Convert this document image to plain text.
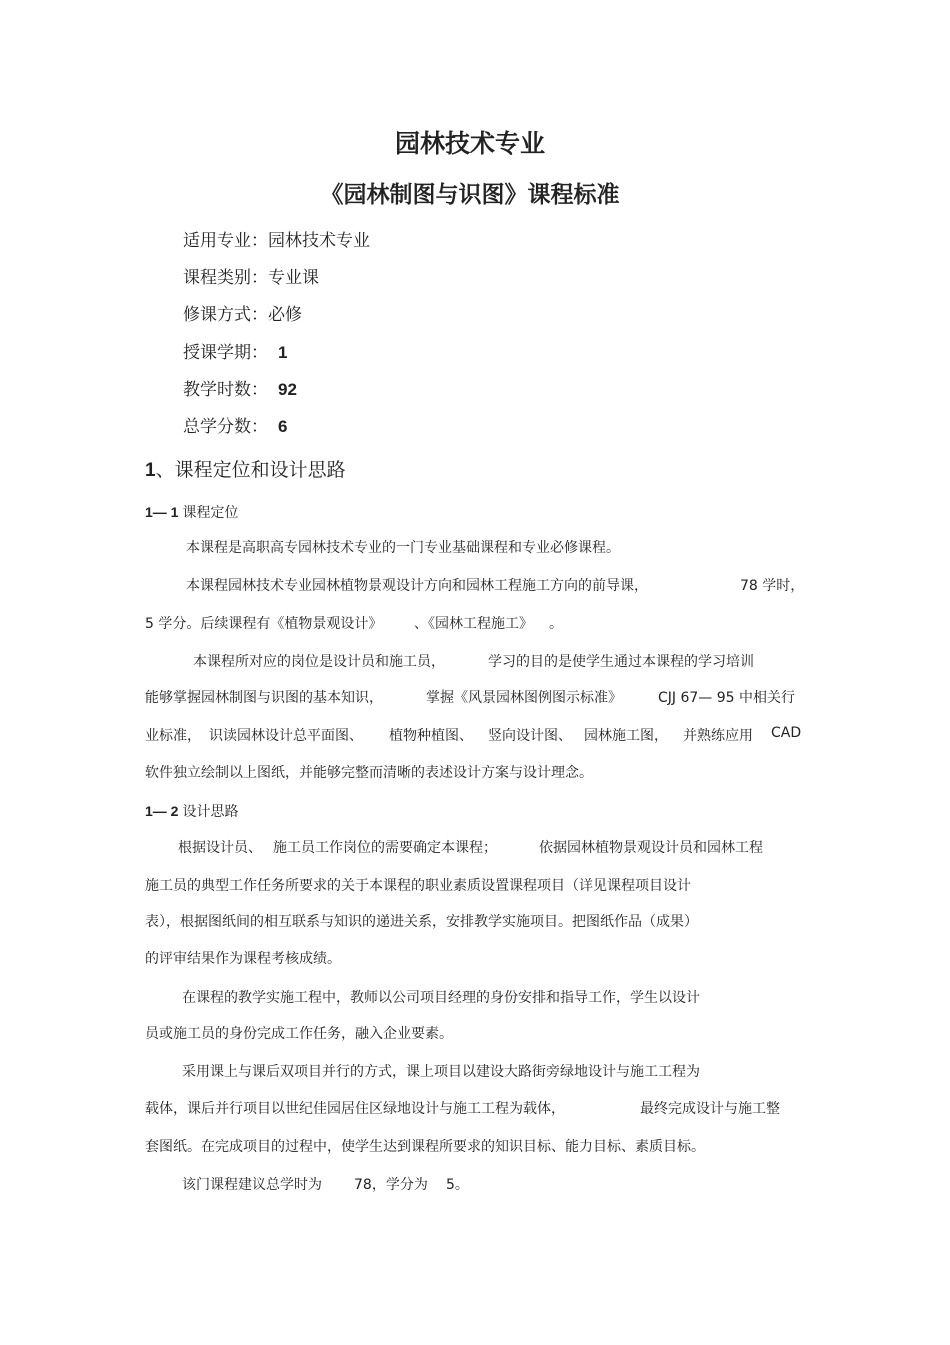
园林技术专业
《园林制图与识图》课程标准
适用专业：园林技术专业
课程类别：专业课
修课方式：必修
授课学期： 1
教学时数： 92
总学分数： 6
1、课程定位和设计思路
1— 1 课程定位
本课程是高职高专园林技术专业的一门专业基础课程和专业必修课程。
本课程园林技术专业园林植物景观设计方向和园林工程施工方向的前导课，	78 学时，
5 学分。后续课程有《植物景观设计》 、《园林工程施工》 。
本课程所对应的岗位是设计员和施工员，	学习的目的是使学生通过本课程的学习培训
能够掌握园林制图与识图的基本知识，	掌握《风景园林图例图示标准》	CJJ 67— 95 中相关行
业标准， 识读园林设计总平面图、 植物种植图、 竖向设计图、 园林施工图， 并熟练应用 CAD
软件独立绘制以上图纸，并能够完整而清晰的表述设计方案与设计理念。
1— 2 设计思路
根据设计员、 施工员工作岗位的需要确定本课程；	依据园林植物景观设计员和园林工程
施工员的典型工作任务所要求的关于本课程的职业素质设置课程项目（详见课程项目设计
表），根据图纸间的相互联系与知识的递进关系，安排教学实施项目。把图纸作品（成果）
的评审结果作为课程考核成绩。
在课程的教学实施工程中，教师以公司项目经理的身份安排和指导工作，学生以设计
员或施工员的身份完成工作任务，融入企业要素。
采用课上与课后双项目并行的方式，课上项目以建设大路街旁绿地设计与施工工程为
载体，课后并行项目以世纪佳园居住区绿地设计与施工工程为载体，	最终完成设计与施工整
套图纸。在完成项目的过程中，使学生达到课程所要求的知识目标、能力目标、素质目标。
该门课程建议总学时为 78，学分为 5。
